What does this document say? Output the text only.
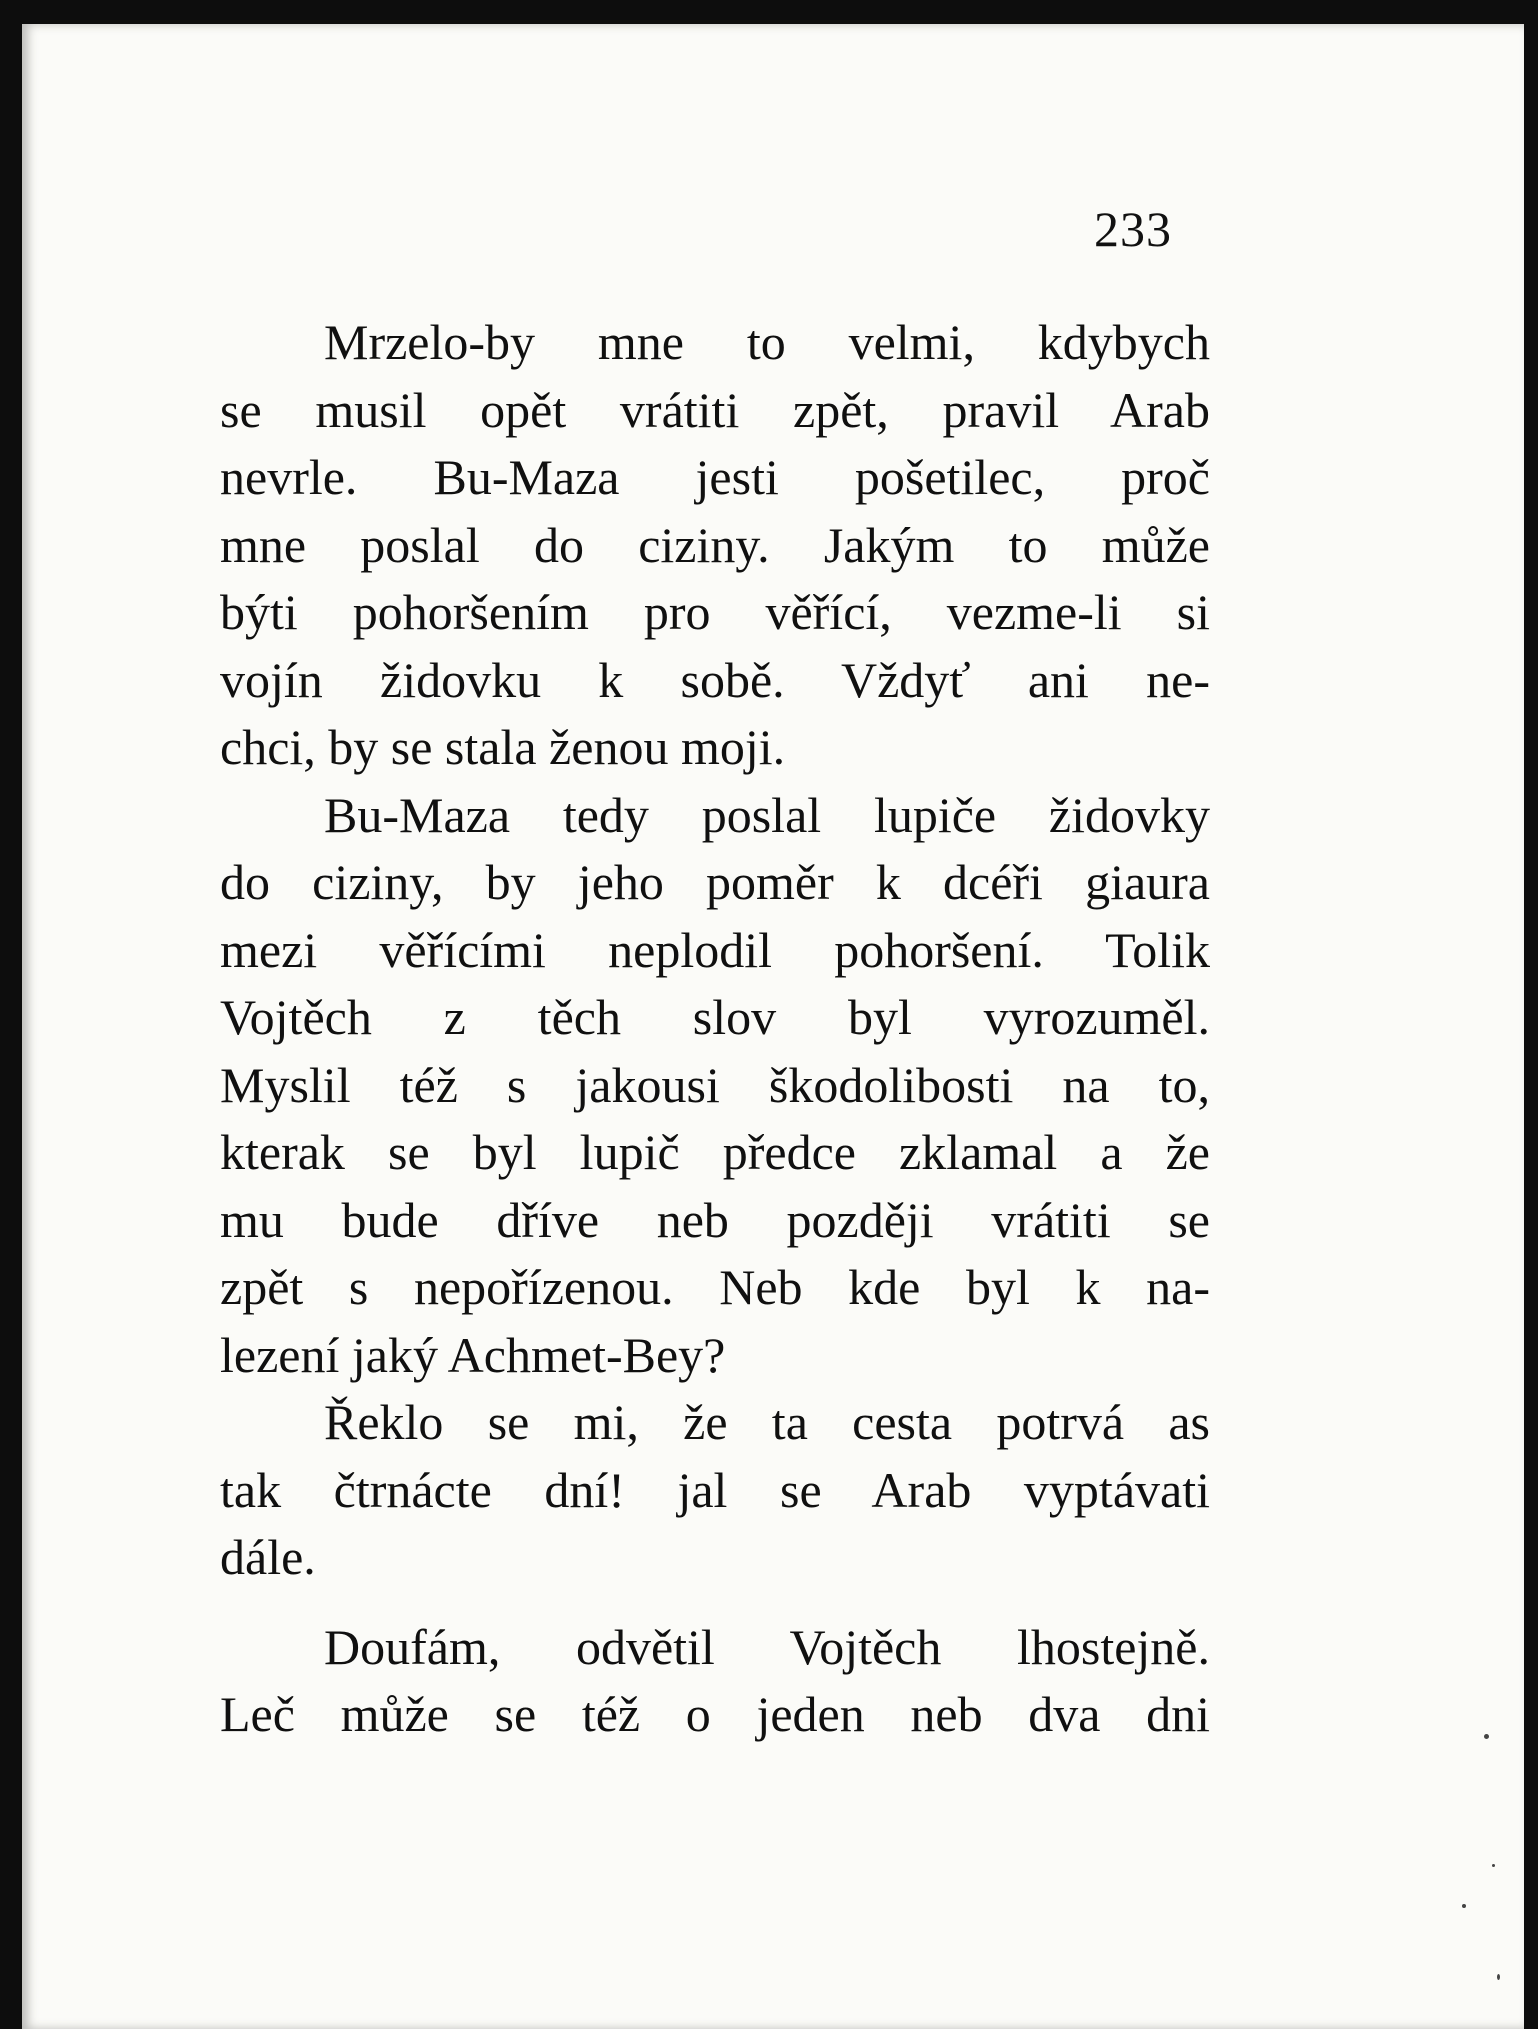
233
Mrzelo-by mne to velmi, kdybych
se musil opět vrátiti zpět, pravil Arab
nevrle. Bu-Maza jesti pošetilec, proč
mne poslal do ciziny. Jakým to může
býti pohoršením pro věřící, vezme-li si
vojín židovku k sobě. Vždyť ani ne-
chci, by se stala ženou moji.
Bu-Maza tedy poslal lupiče židovky
do ciziny, by jeho poměr k dcéři giaura
mezi věřícími neplodil pohoršení. Tolik
Vojtěch z těch slov byl vyrozuměl.
Myslil též s jakousi škodolibosti na to,
kterak se byl lupič předce zklamal a že
mu bude dříve neb později vrátiti se
zpět s nepořízenou. Neb kde byl k na-
lezení jaký Achmet-Bey?
Řeklo se mi, že ta cesta potrvá as
tak čtrnácte dní! jal se Arab vyptávati
dále.
Doufám, odvětil Vojtěch lhostejně.
Leč může se též o jeden neb dva dni
